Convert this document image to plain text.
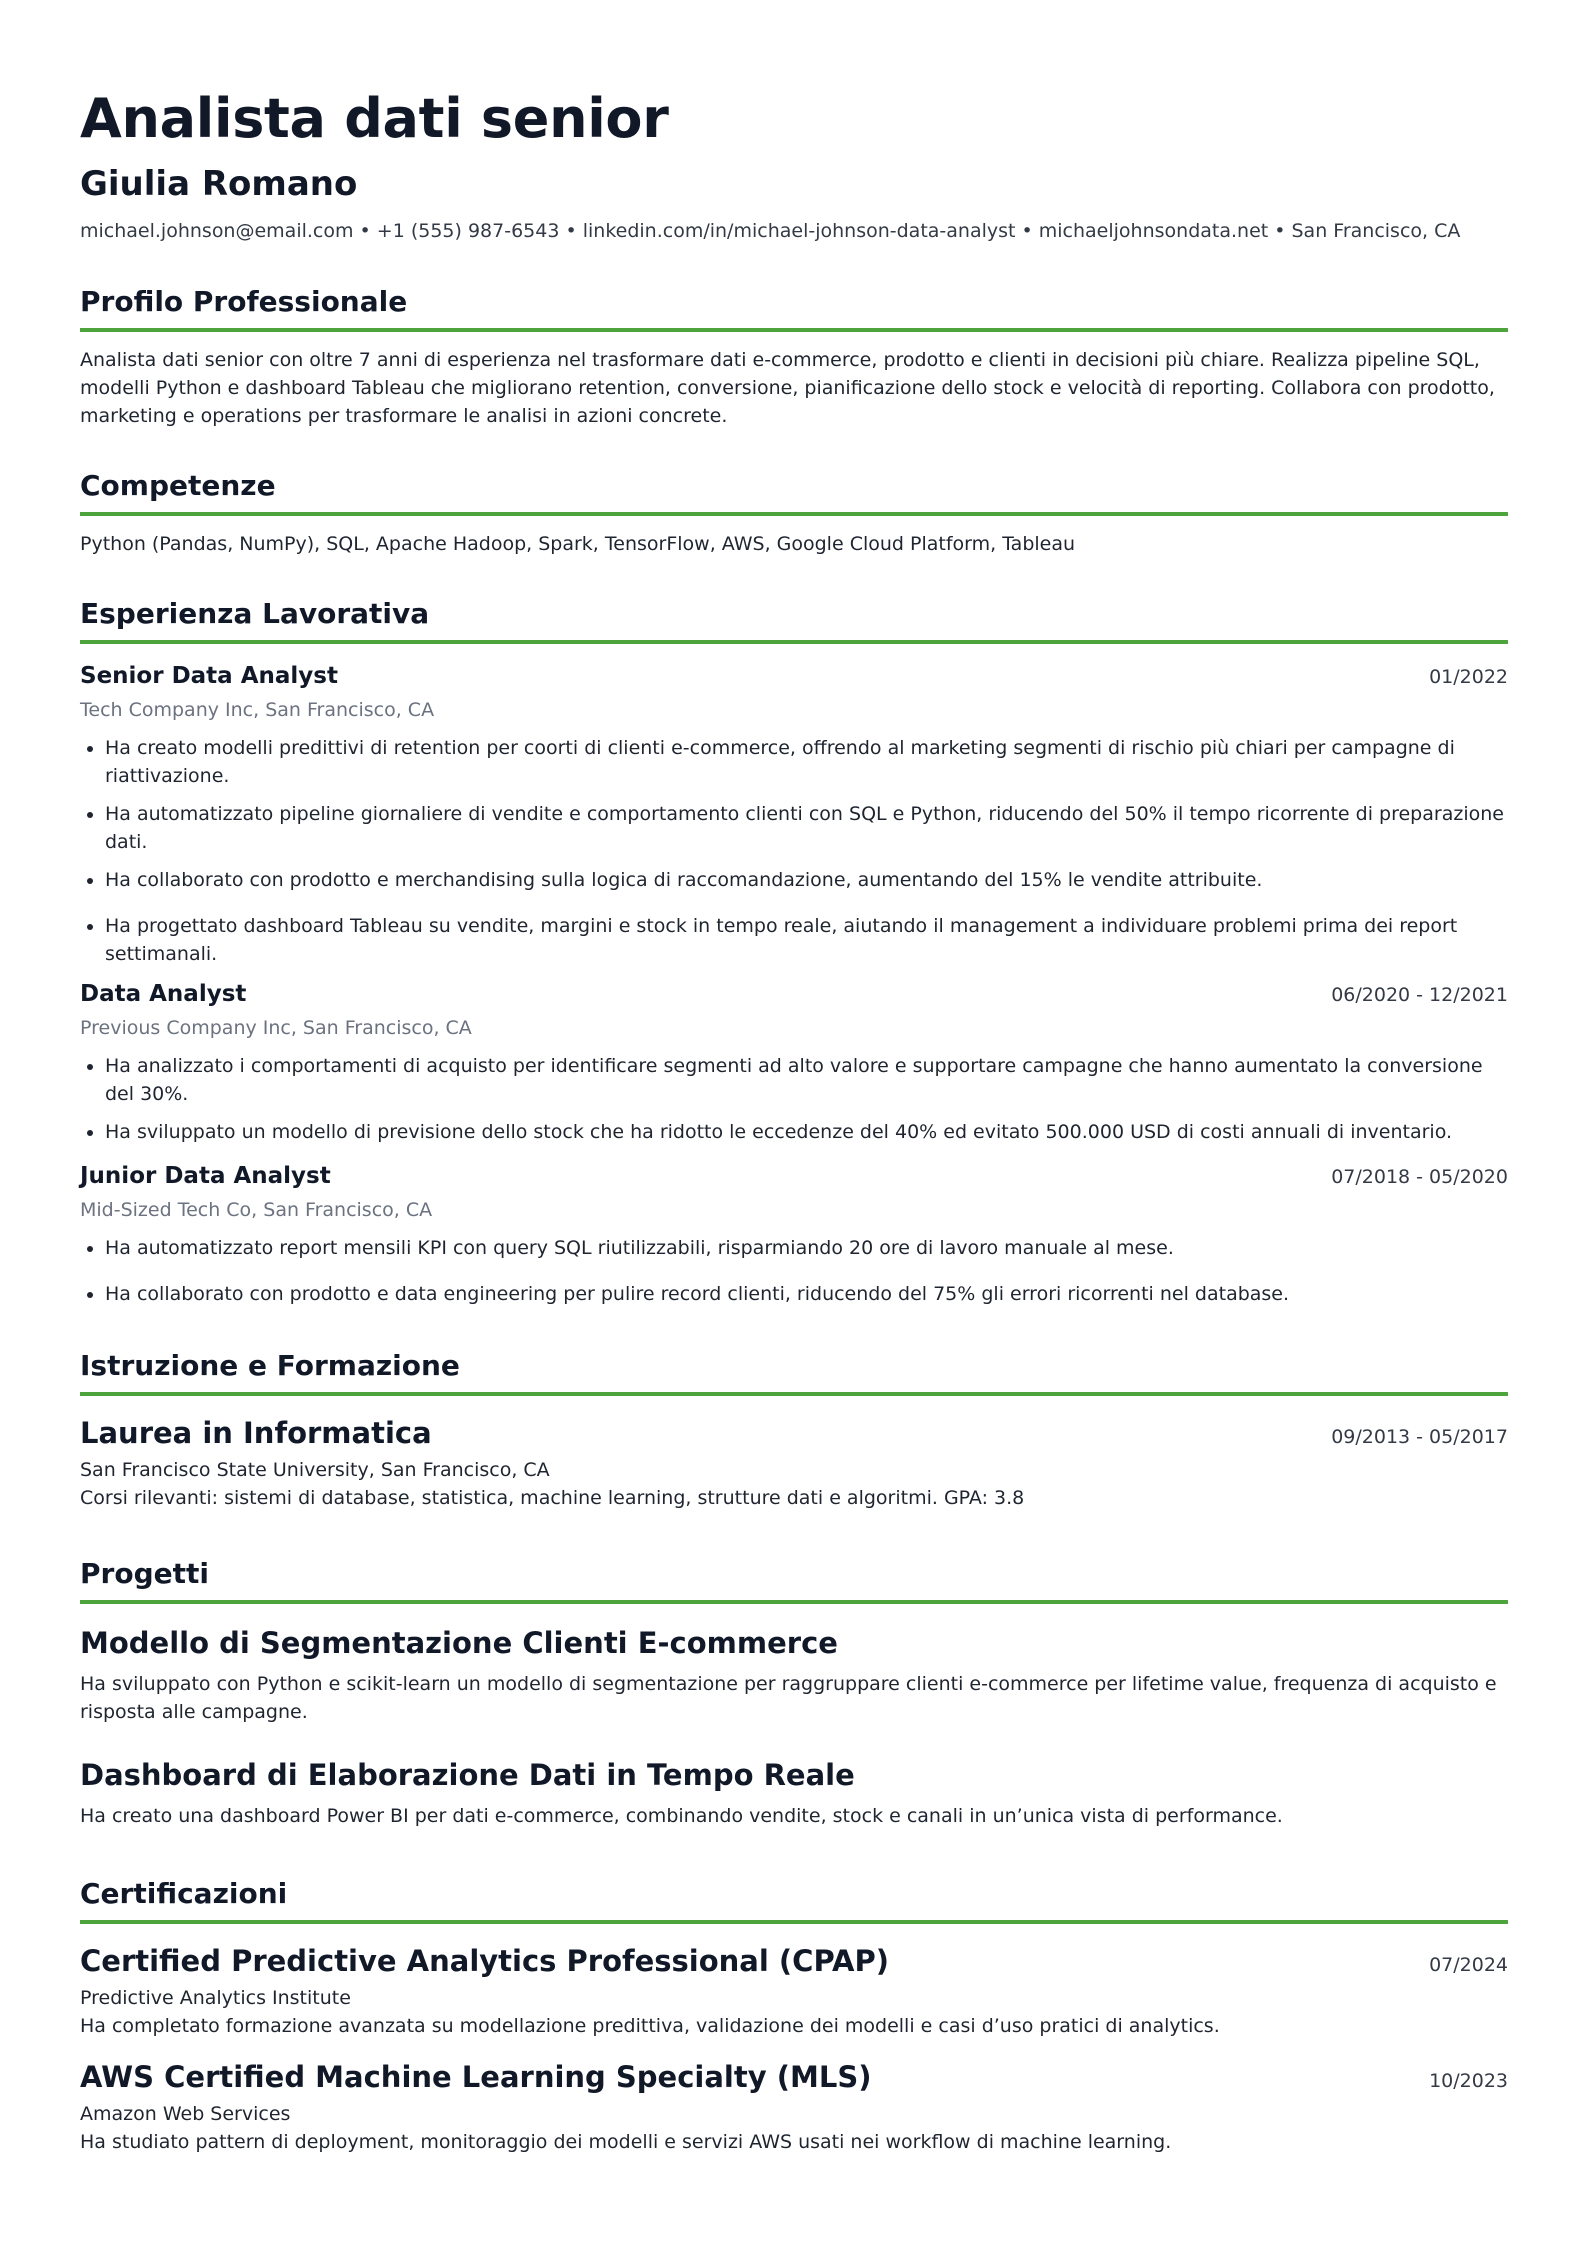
Analista dati senior
Giulia Romano
michael.johnson@email.com • +1 (555) 987-6543 • linkedin.com/in/michael-johnson-data-analyst • michaeljohnsondata.net • San Francisco, CA
Profilo Professionale
Analista dati senior con oltre 7 anni di esperienza nel trasformare dati e-commerce, prodotto e clienti in decisioni più chiare. Realizza pipeline SQL, modelli Python e dashboard Tableau che migliorano retention, conversione, pianificazione dello stock e velocità di reporting. Collabora con prodotto, marketing e operations per trasformare le analisi in azioni concrete.
Competenze
Python (Pandas, NumPy), SQL, Apache Hadoop, Spark, TensorFlow, AWS, Google Cloud Platform, Tableau
Esperienza Lavorativa
Senior Data Analyst	01/2022
Tech Company Inc, San Francisco, CA
Ha creato modelli predittivi di retention per coorti di clienti e-commerce, offrendo al marketing segmenti di rischio più chiari per campagne di riattivazione.
Ha automatizzato pipeline giornaliere di vendite e comportamento clienti con SQL e Python, riducendo del 50% il tempo ricorrente di preparazione dati.
Ha collaborato con prodotto e merchandising sulla logica di raccomandazione, aumentando del 15% le vendite attribuite.
Ha progettato dashboard Tableau su vendite, margini e stock in tempo reale, aiutando il management a individuare problemi prima dei report settimanali.
Data Analyst	06/2020 - 12/2021
Previous Company Inc, San Francisco, CA
Ha analizzato i comportamenti di acquisto per identificare segmenti ad alto valore e supportare campagne che hanno aumentato la conversione del 30%.
Ha sviluppato un modello di previsione dello stock che ha ridotto le eccedenze del 40% ed evitato 500.000 USD di costi annuali di inventario.
Junior Data Analyst	07/2018 - 05/2020
Mid-Sized Tech Co, San Francisco, CA
Ha automatizzato report mensili KPI con query SQL riutilizzabili, risparmiando 20 ore di lavoro manuale al mese.
Ha collaborato con prodotto e data engineering per pulire record clienti, riducendo del 75% gli errori ricorrenti nel database.
Istruzione e Formazione
Laurea in Informatica	09/2013 - 05/2017
San Francisco State University, San Francisco, CA
Corsi rilevanti: sistemi di database, statistica, machine learning, strutture dati e algoritmi. GPA: 3.8
Progetti
Modello di Segmentazione Clienti E-commerce
Ha sviluppato con Python e scikit-learn un modello di segmentazione per raggruppare clienti e-commerce per lifetime value, frequenza di acquisto e risposta alle campagne.
Dashboard di Elaborazione Dati in Tempo Reale
Ha creato una dashboard Power BI per dati e-commerce, combinando vendite, stock e canali in un’unica vista di performance.
Certificazioni
Certified Predictive Analytics Professional (CPAP)	07/2024
Predictive Analytics Institute
Ha completato formazione avanzata su modellazione predittiva, validazione dei modelli e casi d’uso pratici di analytics.
AWS Certified Machine Learning Specialty (MLS)	10/2023
Amazon Web Services
Ha studiato pattern di deployment, monitoraggio dei modelli e servizi AWS usati nei workflow di machine learning.
